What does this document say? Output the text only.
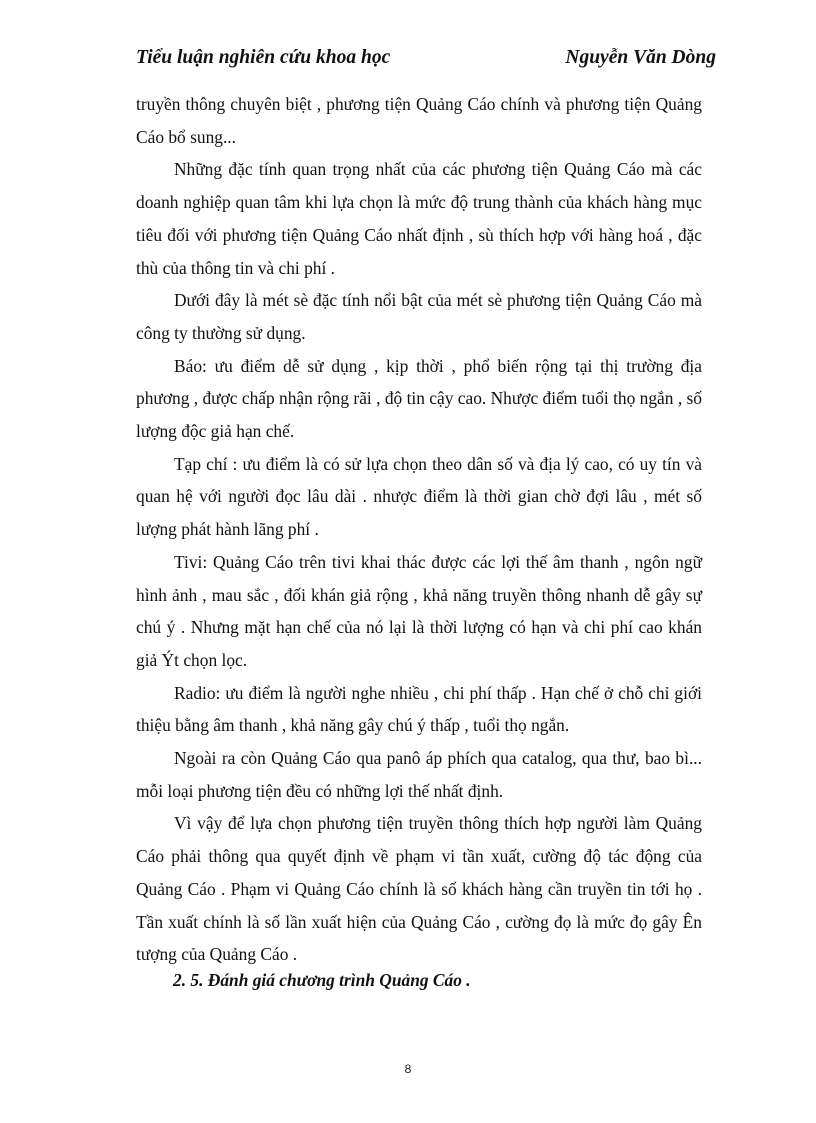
Tiểu luận nghiên cứu khoa học	Nguyễn Văn Dòng

truyền thông chuyên biệt , phương tiện Quảng Cáo chính và phương tiện Quảng Cáo bổ sung...

Những đặc tính quan trọng nhất của các phương tiện Quảng Cáo mà các doanh nghiệp quan tâm khi lựa chọn là mức độ trung thành của khách hàng mục tiêu đối với phương tiện Quảng Cáo nhất định , sù thích hợp với hàng hoá , đặc thù của thông tin và chi phí .

Dưới đây là mét sè đặc tính nổi bật của mét sè phương tiện Quảng Cáo mà công ty thường sử dụng.

Báo: ưu điểm dễ sử dụng , kịp thời , phổ biến rộng tại thị trường địa phương , được chấp nhận rộng rãi , độ tin cậy cao. Nhược điểm tuổi thọ ngắn , số lượng độc giả hạn chế.

Tạp chí : ưu điểm là có sử lựa chọn theo dân số và địa lý cao, có uy tín và quan hệ với người đọc lâu dài . nhược điểm là thời gian chờ đợi lâu , mét số lượng phát hành lãng phí .

Tivi: Quảng Cáo trên tivi khai thác được các lợi thế âm thanh , ngôn ngữ hình ảnh , mau sắc , đối khán giả rộng , khả năng truyền thông nhanh dễ gây sự chú ý . Nhưng mặt hạn chế của nó lại là thời lượng có hạn và chi phí cao khán giả Ýt chọn lọc.

Radio: ưu điểm là người nghe nhiều , chi phí thấp . Hạn chế ở chỗ chỉ giới thiệu bằng âm thanh , khả năng gây chú ý thấp , tuổi thọ ngắn.

Ngoài ra còn Quảng Cáo qua panô áp phích qua catalog, qua thư, bao bì... mỗi loại phương tiện đều có những lợi thế nhất định.

Vì vậy để lựa chọn phương tiện truyền thông thích hợp người làm Quảng Cáo phải thông qua quyết định về phạm vi tần xuất, cường độ tác động của Quảng Cáo . Phạm vi Quảng Cáo chính là số khách hàng cần truyền tin tới họ . Tần xuất chính là số lần xuất hiện của Quảng Cáo , cường đọ là mức đọ gây Ên tượng của Quảng Cáo .

2. 5. Đánh giá chương trình Quảng Cáo .
8
